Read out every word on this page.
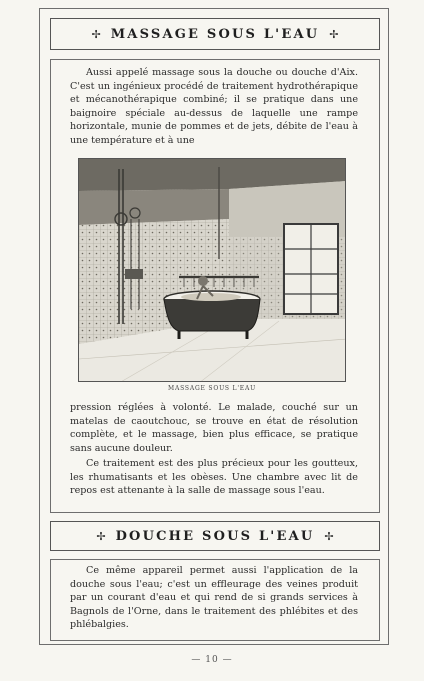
✢ MASSAGE SOUS L'EAU ✢

Aussi appelé massage sous la douche ou douche d'Aix. C'est un ingénieux procédé de traitement hydrothérapique et mécanothérapique combiné; il se pratique dans une baignoire spéciale au-dessus de laquelle une rampe horizontale, munie de pommes et de jets, débite de l'eau à une température et à une

MASSAGE SOUS L'EAU

pression réglées à volonté. Le malade, couché sur un matelas de caoutchouc, se trouve en état de résolution complète, et le massage, bien plus efficace, se pratique sans aucune douleur.

Ce traitement est des plus précieux pour les goutteux, les rhumatisants et les obèses. Une chambre avec lit de repos est attenante à la salle de massage sous l'eau.

✢ DOUCHE SOUS L'EAU ✢

Ce même appareil permet aussi l'application de la douche sous l'eau; c'est un effleurage des veines produit par un courant d'eau et qui rend de si grands services à Bagnols de l'Orne, dans le traitement des phlébites et des phlébalgies.

— 10 —
